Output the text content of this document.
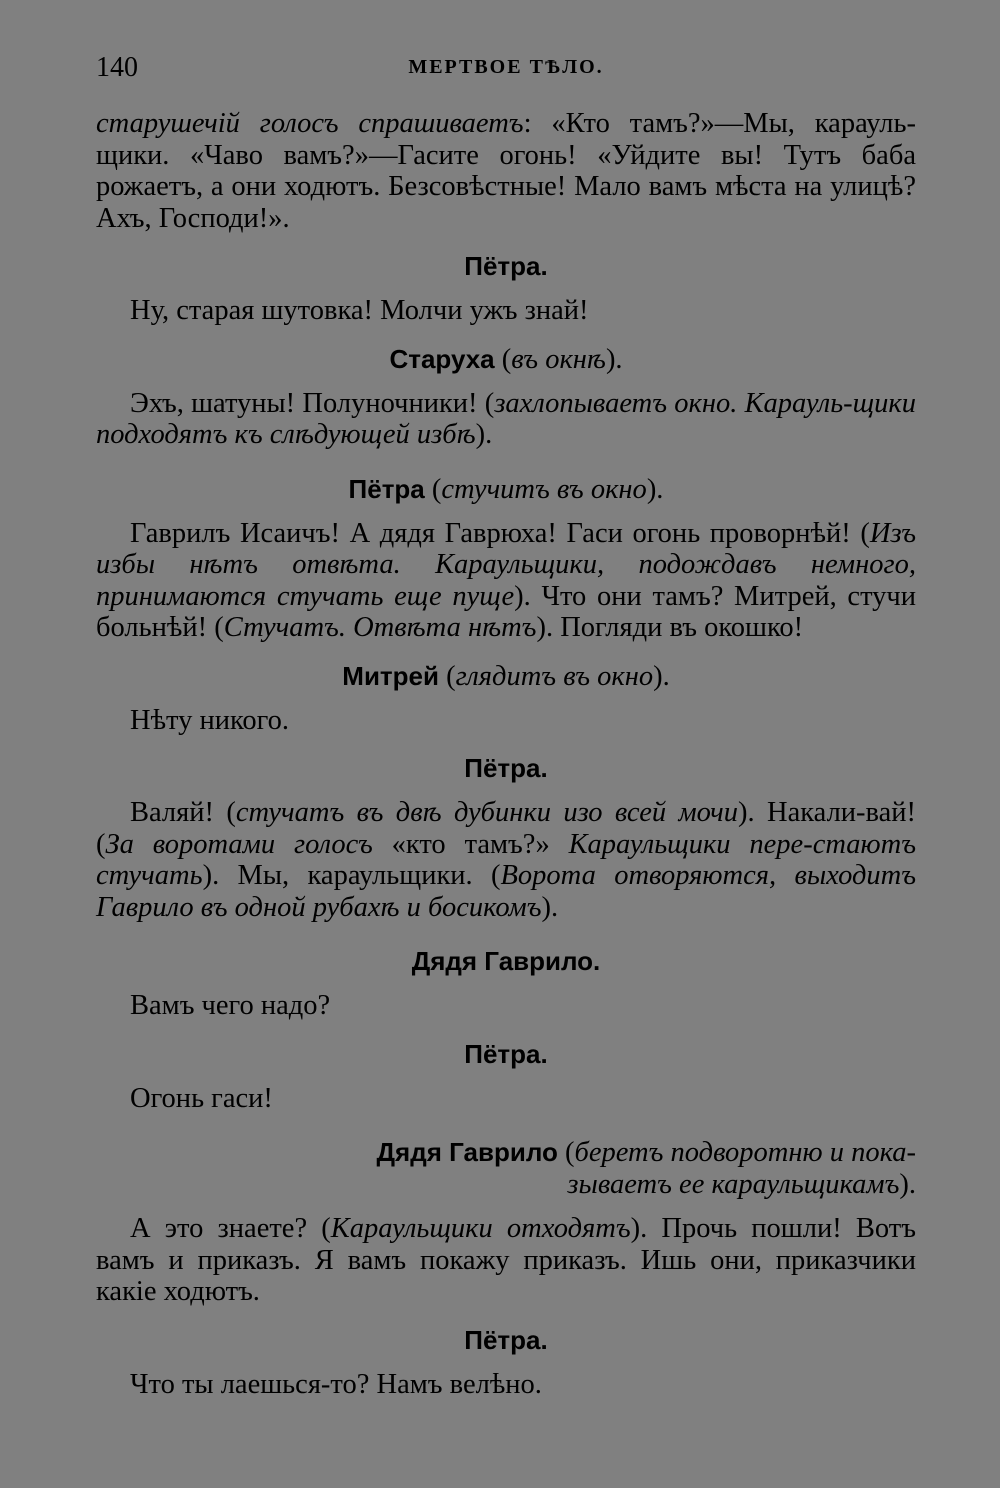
140	МЕРТВОЕ ТѢЛО.

старушечій голосъ спрашиваетъ: «Кто тамъ?»—Мы, карауль-щики. «Чаво вамъ?»—Гасите огонь! «Уйдите вы! Тутъ баба рожаетъ, а они ходютъ. Безсовѣстные! Мало вамъ мѣста на улицѣ? Ахъ, Господи!».

Пётра.

Ну, старая шутовка! Молчи ужъ знай!

Старуха (въ окнѣ).

Эхъ, шатуны! Полуночники! (захлопываетъ окно. Карауль-щики подходятъ къ слѣдующей избѣ).

Пётра (стучитъ въ окно).

Гаврилъ Исаичъ! А дядя Гаврюха! Гаси огонь проворнѣй! (Изъ избы нѣтъ отвѣта. Караульщики, подождавъ немного, принимаются стучать еще пуще). Что они тамъ? Митрей, стучи больнѣй! (Стучатъ. Отвѣта нѣтъ). Погляди въ окошко!

Митрей (глядитъ въ окно).

Нѣту никого.

Пётра.

Валяй! (стучатъ въ двѣ дубинки изо всей мочи). Накали-вай! (За воротами голосъ «кто тамъ?» Караульщики пере-стаютъ стучать). Мы, караульщики. (Ворота отворяются, выходитъ Гаврило въ одной рубахѣ и босикомъ).

Дядя Гаврило.

Вамъ чего надо?

Пётра.

Огонь гаси!

Дядя Гаврило (беретъ подворотню и пока-
зываетъ ее караульщикамъ).

А это знаете? (Караульщики отходятъ). Прочь пошли! Вотъ вамъ и приказъ. Я вамъ покажу приказъ. Ишь они, приказчики какіе ходютъ.

Пётра.

Что ты лаешься-то? Намъ велѣно.
